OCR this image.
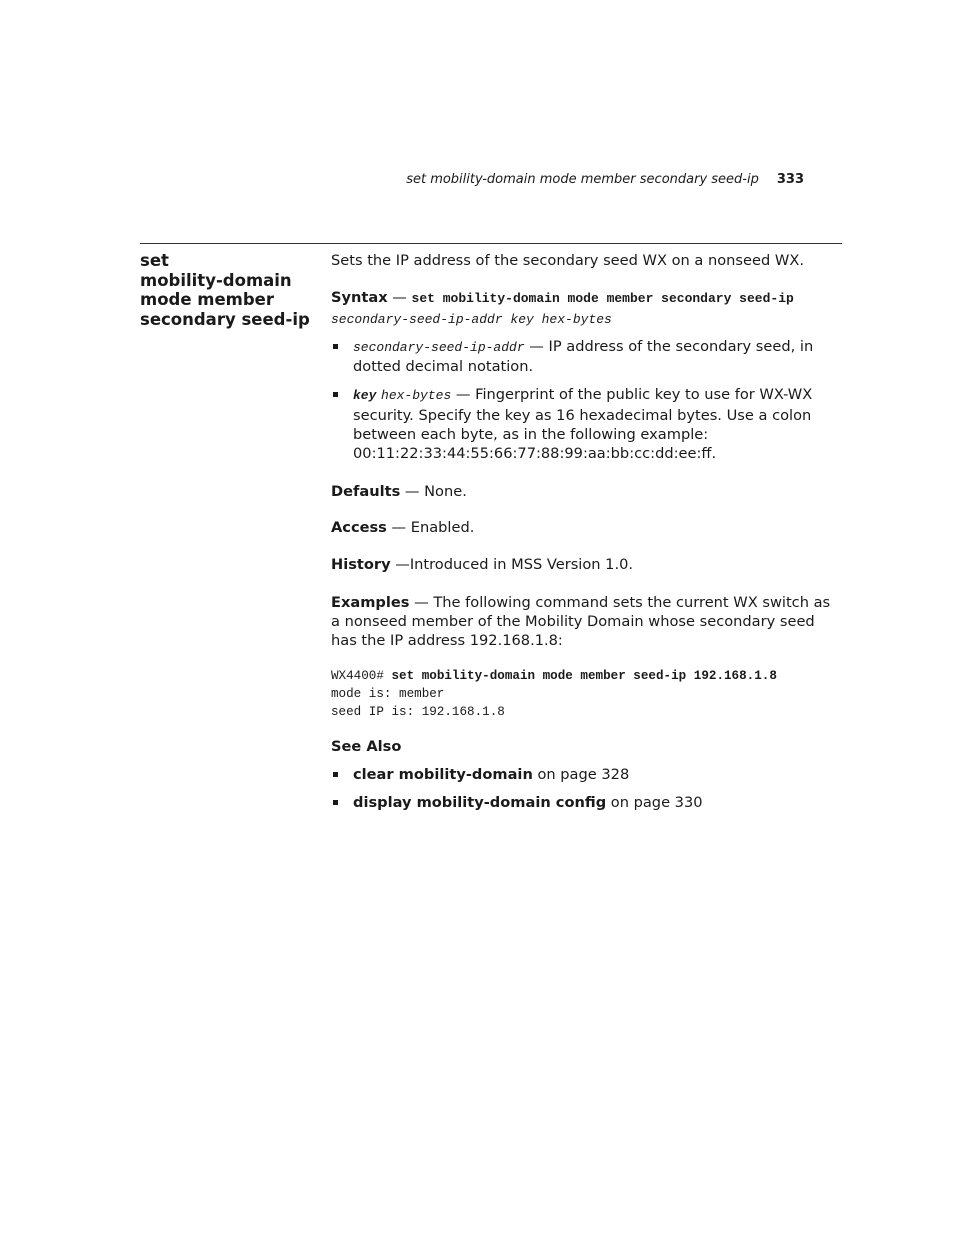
set mobility-domain mode member secondary seed-ip 333
set
mobility-domain
mode member
secondary seed-ip

Sets the IP address of the secondary seed WX on a nonseed WX.

Syntax — set mobility-domain mode member secondary seed-ip
secondary-seed-ip-addr key hex-bytes

secondary-seed-ip-addr — IP address of the secondary seed, in dotted decimal notation.
key hex-bytes — Fingerprint of the public key to use for WX-WX security. Specify the key as 16 hexadecimal bytes. Use a colon between each byte, as in the following example: 00:11:22:33:44:55:66:77:88:99:aa:bb:cc:dd:ee:ff.

Defaults — None.

Access — Enabled.

History —Introduced in MSS Version 1.0.

Examples — The following command sets the current WX switch as a nonseed member of the Mobility Domain whose secondary seed has the IP address 192.168.1.8:

WX4400# set mobility-domain mode member seed-ip 192.168.1.8
mode is: member
seed IP is: 192.168.1.8

See Also

clear mobility-domain on page 328
display mobility-domain config on page 330
